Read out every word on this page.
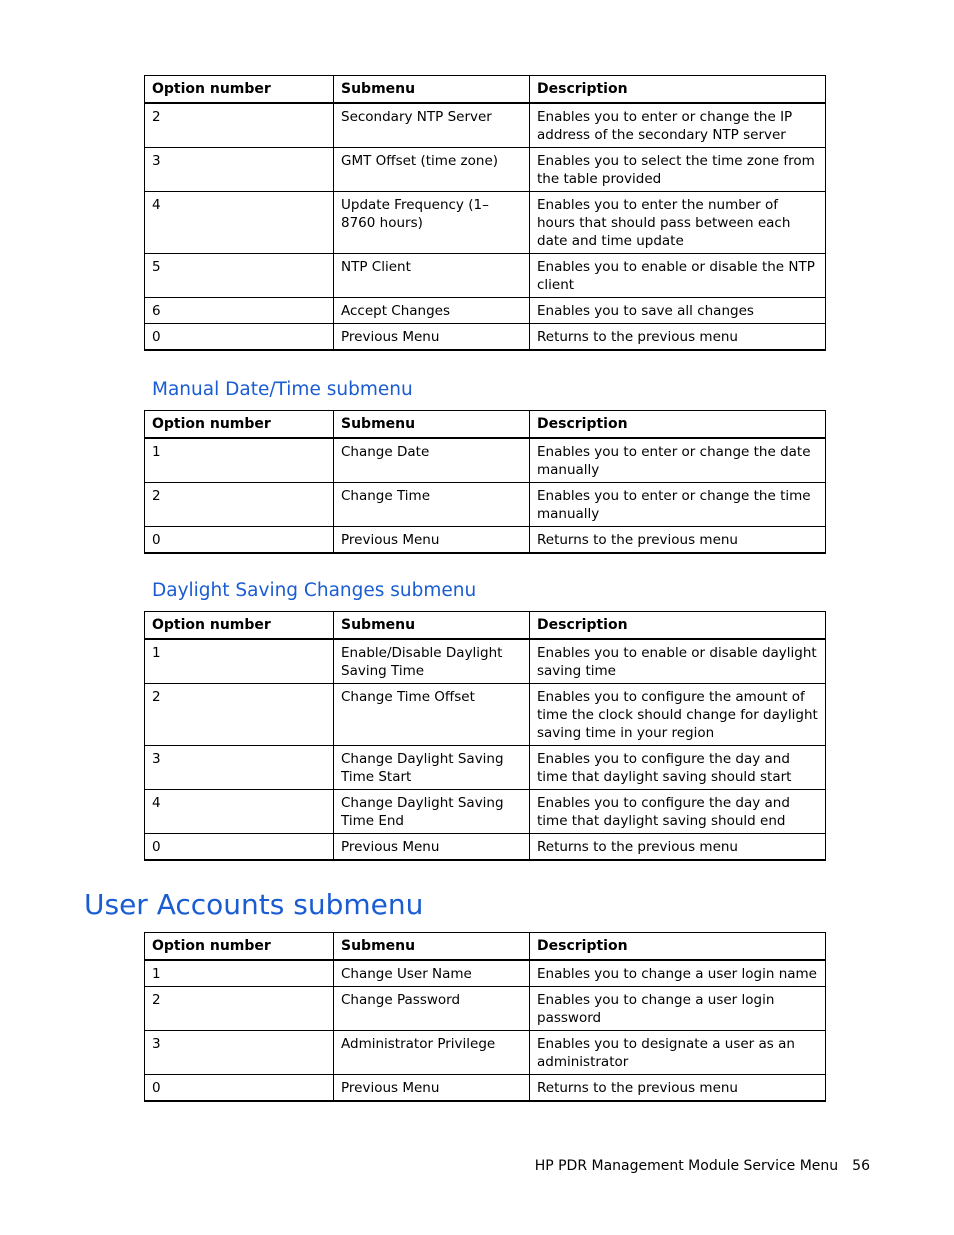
Option number	Submenu	Description
2	Secondary NTP Server	Enables you to enter or change the IP address of the secondary NTP server
3	GMT Offset (time zone)	Enables you to select the time zone from the table provided
4	Update Frequency (1–8760 hours)	Enables you to enter the number of hours that should pass between each date and time update
5	NTP Client	Enables you to enable or disable the NTP client
6	Accept Changes	Enables you to save all changes
0	Previous Menu	Returns to the previous menu
Manual Date/Time submenu
Option number	Submenu	Description
1	Change Date	Enables you to enter or change the date manually
2	Change Time	Enables you to enter or change the time manually
0	Previous Menu	Returns to the previous menu
Daylight Saving Changes submenu
Option number	Submenu	Description
1	Enable/Disable Daylight Saving Time	Enables you to enable or disable daylight saving time
2	Change Time Offset	Enables you to configure the amount of time the clock should change for daylight saving time in your region
3	Change Daylight Saving Time Start	Enables you to configure the day and time that daylight saving should start
4	Change Daylight Saving Time End	Enables you to configure the day and time that daylight saving should end
0	Previous Menu	Returns to the previous menu
User Accounts submenu
Option number	Submenu	Description
1	Change User Name	Enables you to change a user login name
2	Change Password	Enables you to change a user login password
3	Administrator Privilege	Enables you to designate a user as an administrator
0	Previous Menu	Returns to the previous menu
HP PDR Management Module Service Menu 56
